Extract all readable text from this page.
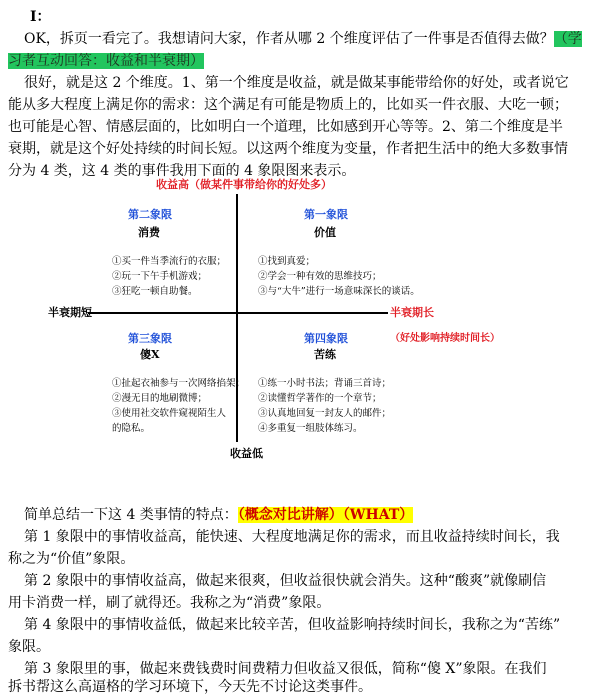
I：
OK，拆页一看完了。我想请问大家，作者从哪 2 个维度评估了一件事是否值得去做？（学
习者互动回答：收益和半衰期）
很好，就是这 2 个维度。1、第一个维度是收益，就是做某事能带给你的好处，或者说它
能从多大程度上满足你的需求：这个满足有可能是物质上的，比如买一件衣服、大吃一顿；
也可能是心智、情感层面的，比如明白一个道理，比如感到开心等等。2、第二个维度是半
衰期，就是这个好处持续的时间长短。以这两个维度为变量，作者把生活中的绝大多数事情
分为 4 类，这 4 类的事件我用下面的 4 象限图来表示。
收益高（做某件事带给你的好处多）
半衰期短	半衰期长
（好处影响持续时间长）
收益低
第二象限
消费
①买一件当季流行的衣服；
②玩一下午手机游戏；
③狂吃一顿自助餐。
第一象限
价值
①找到真爱；
②学会一种有效的思维技巧；
③与“大牛”进行一场意味深长的谈话。
第三象限
傻X
①扯起衣袖参与一次网络掐架；
②漫无目的地刷微博；
③使用社交软件窥视陌生人
的隐私。
第四象限
苦练
①练一小时书法；背诵三首诗；
②读懂哲学著作的一个章节；
③认真地回复一封友人的邮件；
④多重复一组肢体练习。
简单总结一下这 4 类事情的特点：（概念对比讲解）（WHAT）
第 1 象限中的事情收益高，能快速、大程度地满足你的需求，而且收益持续时间长，我
称之为“价值”象限。
第 2 象限中的事情收益高，做起来很爽，但收益很快就会消失。这种“酸爽”就像刷信
用卡消费一样，刷了就得还。我称之为“消费”象限。
第 4 象限中的事情收益低，做起来比较辛苦，但收益影响持续时间长，我称之为“苦练”
象限。
第 3 象限里的事，做起来费钱费时间费精力但收益又很低，简称“傻 X”象限。在我们
拆书帮这么高逼格的学习环境下，今天先不讨论这类事件。
